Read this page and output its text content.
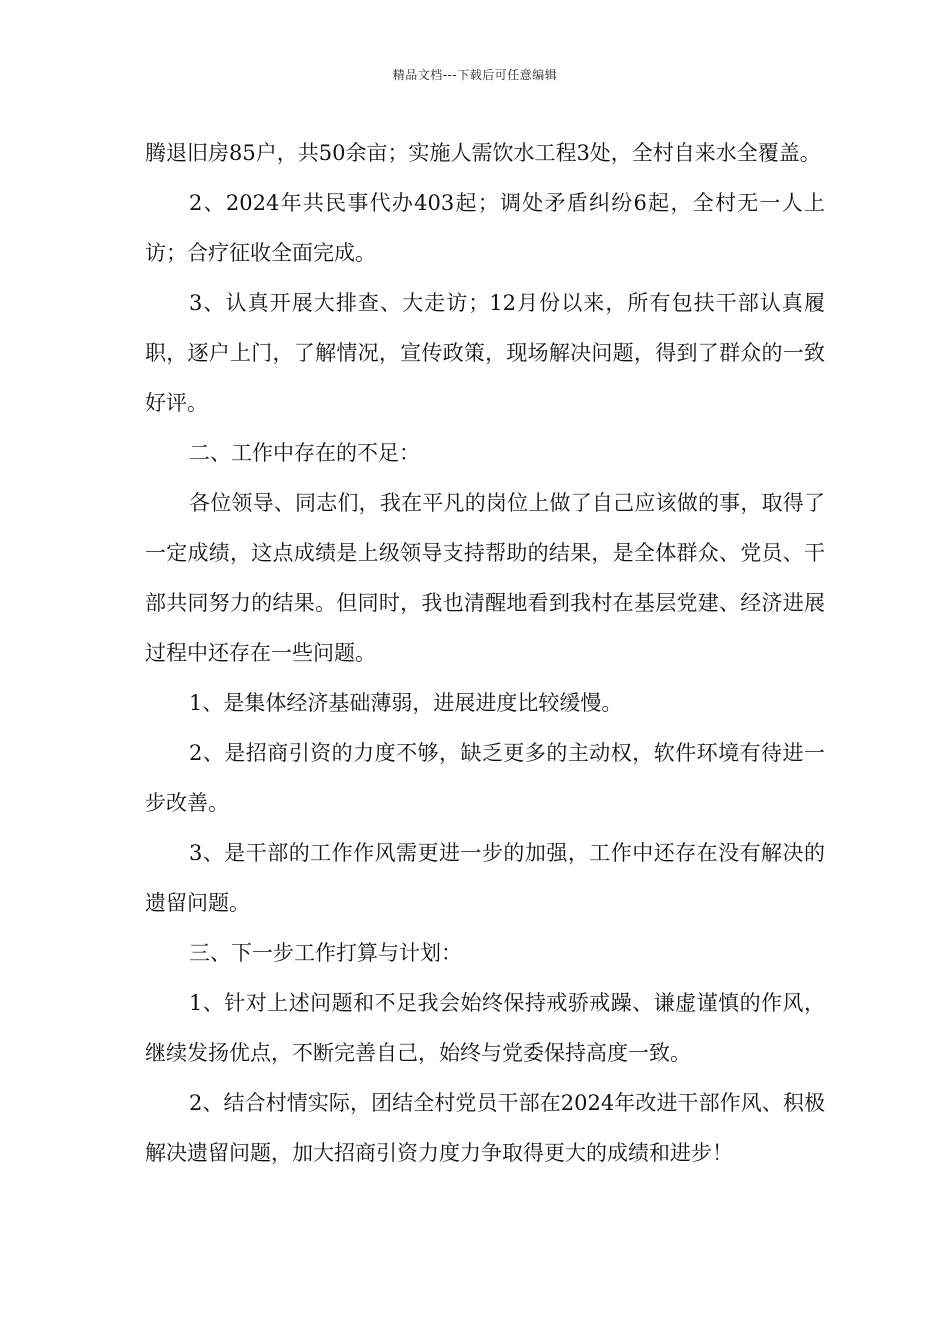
精品文档---下载后可任意编辑

腾退旧房85户，共50余亩；实施人需饮水工程3处，全村自来水全覆盖。

2、2024年共民事代办403起；调处矛盾纠纷6起，全村无一人上访；合疗征收全面完成。

3、认真开展大排查、大走访；12月份以来，所有包扶干部认真履职，逐户上门，了解情况，宣传政策，现场解决问题，得到了群众的一致好评。

二、工作中存在的不足：

各位领导、同志们，我在平凡的岗位上做了自己应该做的事，取得了一定成绩，这点成绩是上级领导支持帮助的结果，是全体群众、党员、干部共同努力的结果。但同时，我也清醒地看到我村在基层党建、经济进展过程中还存在一些问题。

1、是集体经济基础薄弱，进展进度比较缓慢。

2、是招商引资的力度不够，缺乏更多的主动权，软件环境有待进一步改善。

3、是干部的工作作风需更进一步的加强，工作中还存在没有解决的遗留问题。

三、下一步工作打算与计划：

1、针对上述问题和不足我会始终保持戒骄戒躁、谦虚谨慎的作风，继续发扬优点，不断完善自己，始终与党委保持高度一致。

2、结合村情实际，团结全村党员干部在2024年改进干部作风、积极解决遗留问题，加大招商引资力度力争取得更大的成绩和进步！
